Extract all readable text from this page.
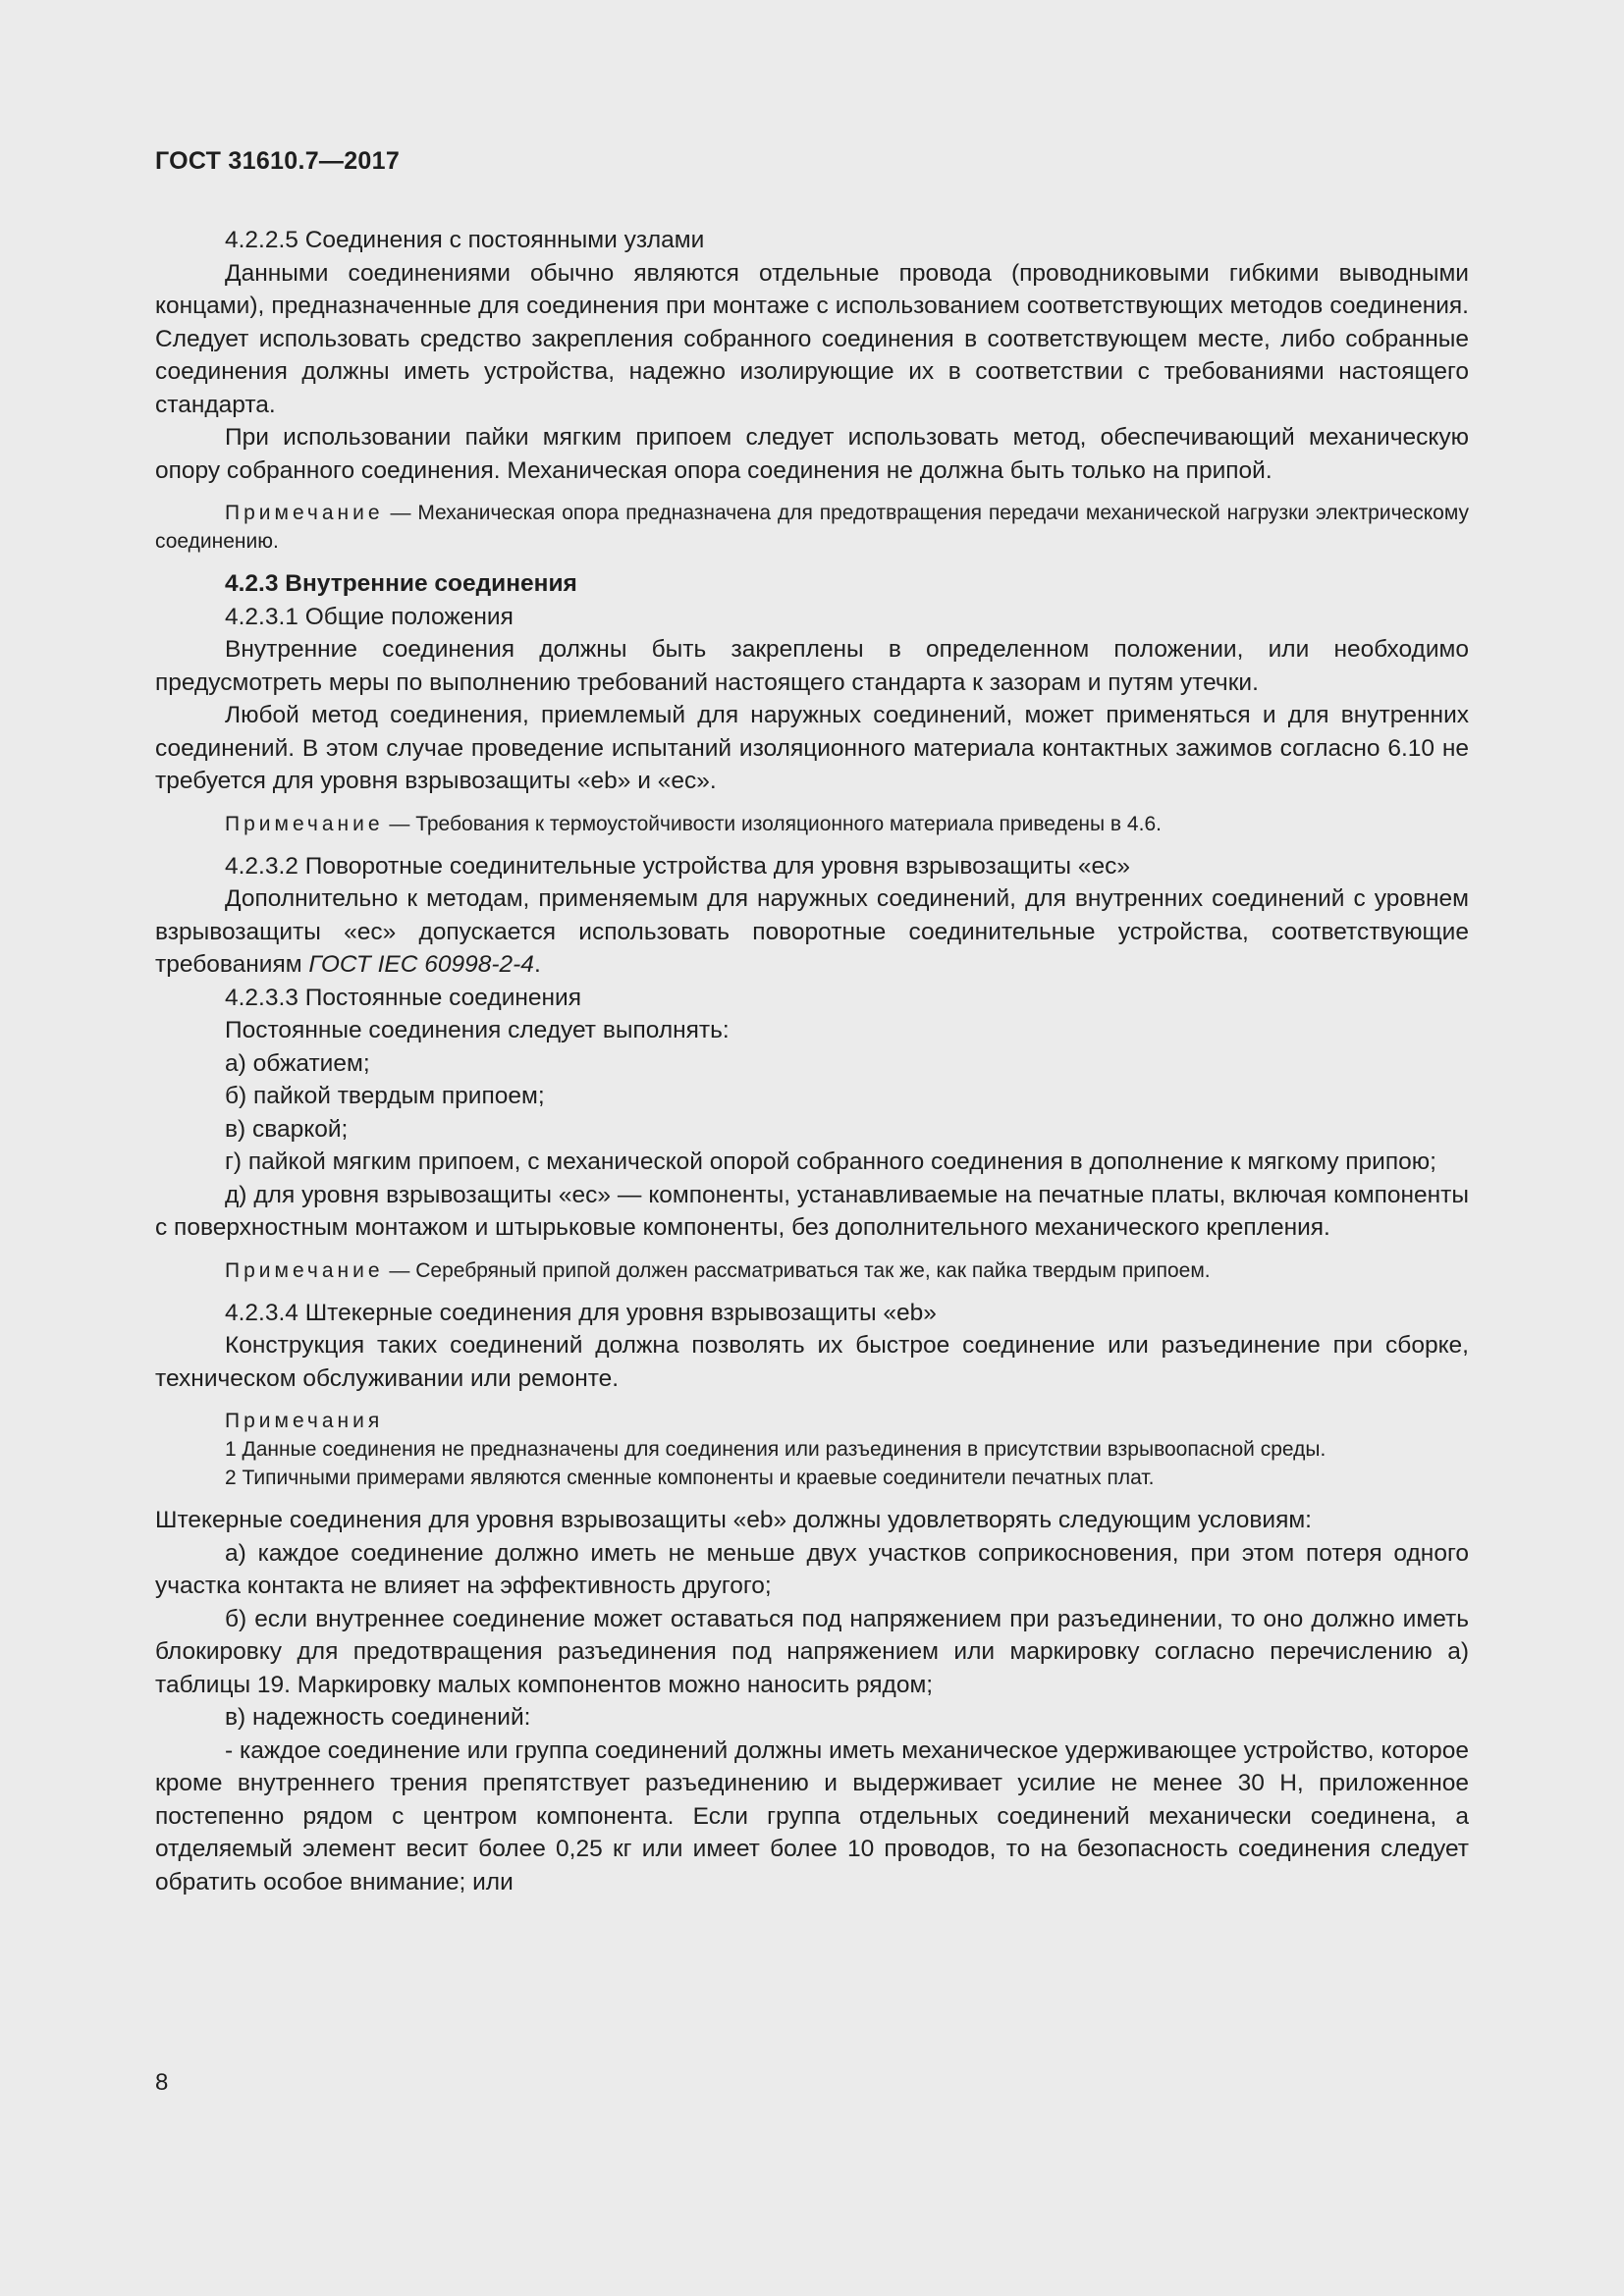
ГОСТ 31610.7—2017

4.2.2.5 Соединения с постоянными узлами

Данными соединениями обычно являются отдельные провода (проводниковыми гибкими выводными концами), предназначенные для соединения при монтаже с использованием соответствующих методов соединения. Следует использовать средство закрепления собранного соединения в соответствующем месте, либо собранные соединения должны иметь устройства, надежно изолирующие их в соответствии с требованиями настоящего стандарта.

При использовании пайки мягким припоем следует использовать метод, обеспечивающий механическую опору собранного соединения. Механическая опора соединения не должна быть только на припой.

Примечание — Механическая опора предназначена для предотвращения передачи механической нагрузки электрическому соединению.

4.2.3 Внутренние соединения

4.2.3.1 Общие положения

Внутренние соединения должны быть закреплены в определенном положении, или необходимо предусмотреть меры по выполнению требований настоящего стандарта к зазорам и путям утечки.

Любой метод соединения, приемлемый для наружных соединений, может применяться и для внутренних соединений. В этом случае проведение испытаний изоляционного материала контактных зажимов согласно 6.10 не требуется для уровня взрывозащиты «eb» и «ec».

Примечание — Требования к термоустойчивости изоляционного материала приведены в 4.6.

4.2.3.2 Поворотные соединительные устройства для уровня взрывозащиты «ec»

Дополнительно к методам, применяемым для наружных соединений, для внутренних соединений с уровнем взрывозащиты «ec» допускается использовать поворотные соединительные устройства, соответствующие требованиям ГОСТ IEC 60998-2-4.

4.2.3.3 Постоянные соединения

Постоянные соединения следует выполнять:

а) обжатием;

б) пайкой твердым припоем;

в) сваркой;

г) пайкой мягким припоем, с механической опорой собранного соединения в дополнение к мягкому припою;

д) для уровня взрывозащиты «ec» — компоненты, устанавливаемые на печатные платы, включая компоненты с поверхностным монтажом и штырьковые компоненты, без дополнительного механического крепления.

Примечание — Серебряный припой должен рассматриваться так же, как пайка твердым припоем.

4.2.3.4 Штекерные соединения для уровня взрывозащиты «eb»

Конструкция таких соединений должна позволять их быстрое соединение или разъединение при сборке, техническом обслуживании или ремонте.

Примечания

1 Данные соединения не предназначены для соединения или разъединения в присутствии взрывоопасной среды.

2 Типичными примерами являются сменные компоненты и краевые соединители печатных плат.

Штекерные соединения для уровня взрывозащиты «eb» должны удовлетворять следующим условиям:

а) каждое соединение должно иметь не меньше двух участков соприкосновения, при этом потеря одного участка контакта не влияет на эффективность другого;

б) если внутреннее соединение может оставаться под напряжением при разъединении, то оно должно иметь блокировку для предотвращения разъединения под напряжением или маркировку согласно перечислению а) таблицы 19. Маркировку малых компонентов можно наносить рядом;

в) надежность соединений:

- каждое соединение или группа соединений должны иметь механическое удерживающее устройство, которое кроме внутреннего трения препятствует разъединению и выдерживает усилие не менее 30 Н, приложенное постепенно рядом с центром компонента. Если группа отдельных соединений механически соединена, а отделяемый элемент весит более 0,25 кг или имеет более 10 проводов, то на безопасность соединения следует обратить особое внимание; или

8
